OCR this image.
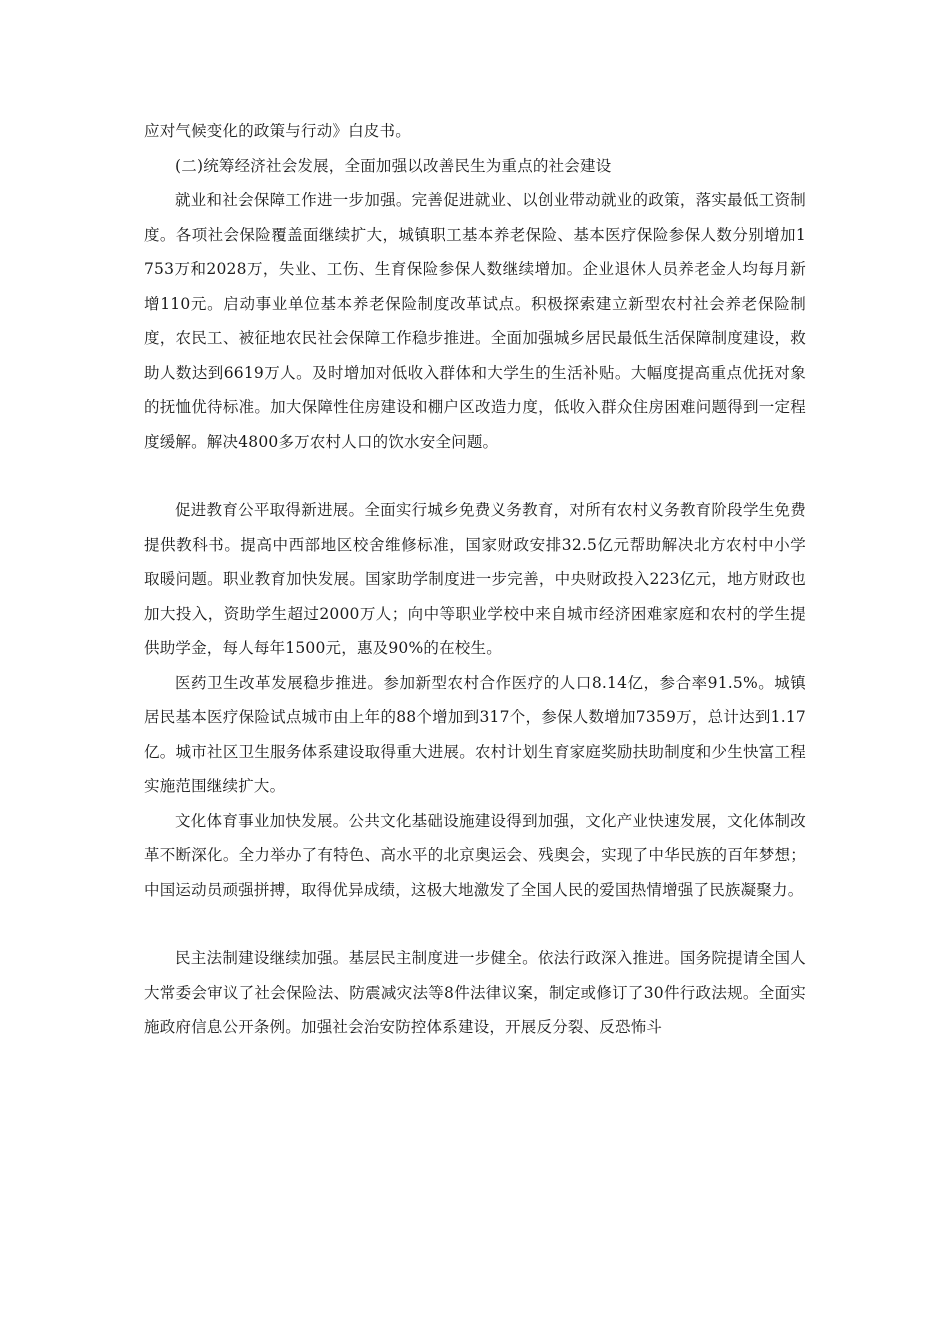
应对气候变化的政策与行动》白皮书。

(二)统筹经济社会发展，全面加强以改善民生为重点的社会建设

就业和社会保障工作进一步加强。完善促进就业、以创业带动就业的政策，落实最低工资制度。各项社会保险覆盖面继续扩大，城镇职工基本养老保险、基本医疗保险参保人数分别增加1753万和2028万，失业、工伤、生育保险参保人数继续增加。企业退休人员养老金人均每月新增110元。启动事业单位基本养老保险制度改革试点。积极探索建立新型农村社会养老保险制度，农民工、被征地农民社会保障工作稳步推进。全面加强城乡居民最低生活保障制度建设，救助人数达到6619万人。及时增加对低收入群体和大学生的生活补贴。大幅度提高重点优抚对象的抚恤优待标准。加大保障性住房建设和棚户区改造力度，低收入群众住房困难问题得到一定程度缓解。解决4800多万农村人口的饮水安全问题。

促进教育公平取得新进展。全面实行城乡免费义务教育，对所有农村义务教育阶段学生免费提供教科书。提高中西部地区校舍维修标准，国家财政安排32.5亿元帮助解决北方农村中小学取暖问题。职业教育加快发展。国家助学制度进一步完善，中央财政投入223亿元，地方财政也加大投入，资助学生超过2000万人；向中等职业学校中来自城市经济困难家庭和农村的学生提供助学金，每人每年1500元，惠及90%的在校生。

医药卫生改革发展稳步推进。参加新型农村合作医疗的人口8.14亿，参合率91.5%。城镇居民基本医疗保险试点城市由上年的88个增加到317个，参保人数增加7359万，总计达到1.17亿。城市社区卫生服务体系建设取得重大进展。农村计划生育家庭奖励扶助制度和少生快富工程实施范围继续扩大。

文化体育事业加快发展。公共文化基础设施建设得到加强，文化产业快速发展，文化体制改革不断深化。全力举办了有特色、高水平的北京奥运会、残奥会，实现了中华民族的百年梦想；中国运动员顽强拼搏，取得优异成绩，这极大地激发了全国人民的爱国热情增强了民族凝聚力。

民主法制建设继续加强。基层民主制度进一步健全。依法行政深入推进。国务院提请全国人大常委会审议了社会保险法、防震减灾法等8件法律议案，制定或修订了30件行政法规。全面实施政府信息公开条例。加强社会治安防控体系建设，开展反分裂、反恐怖斗
